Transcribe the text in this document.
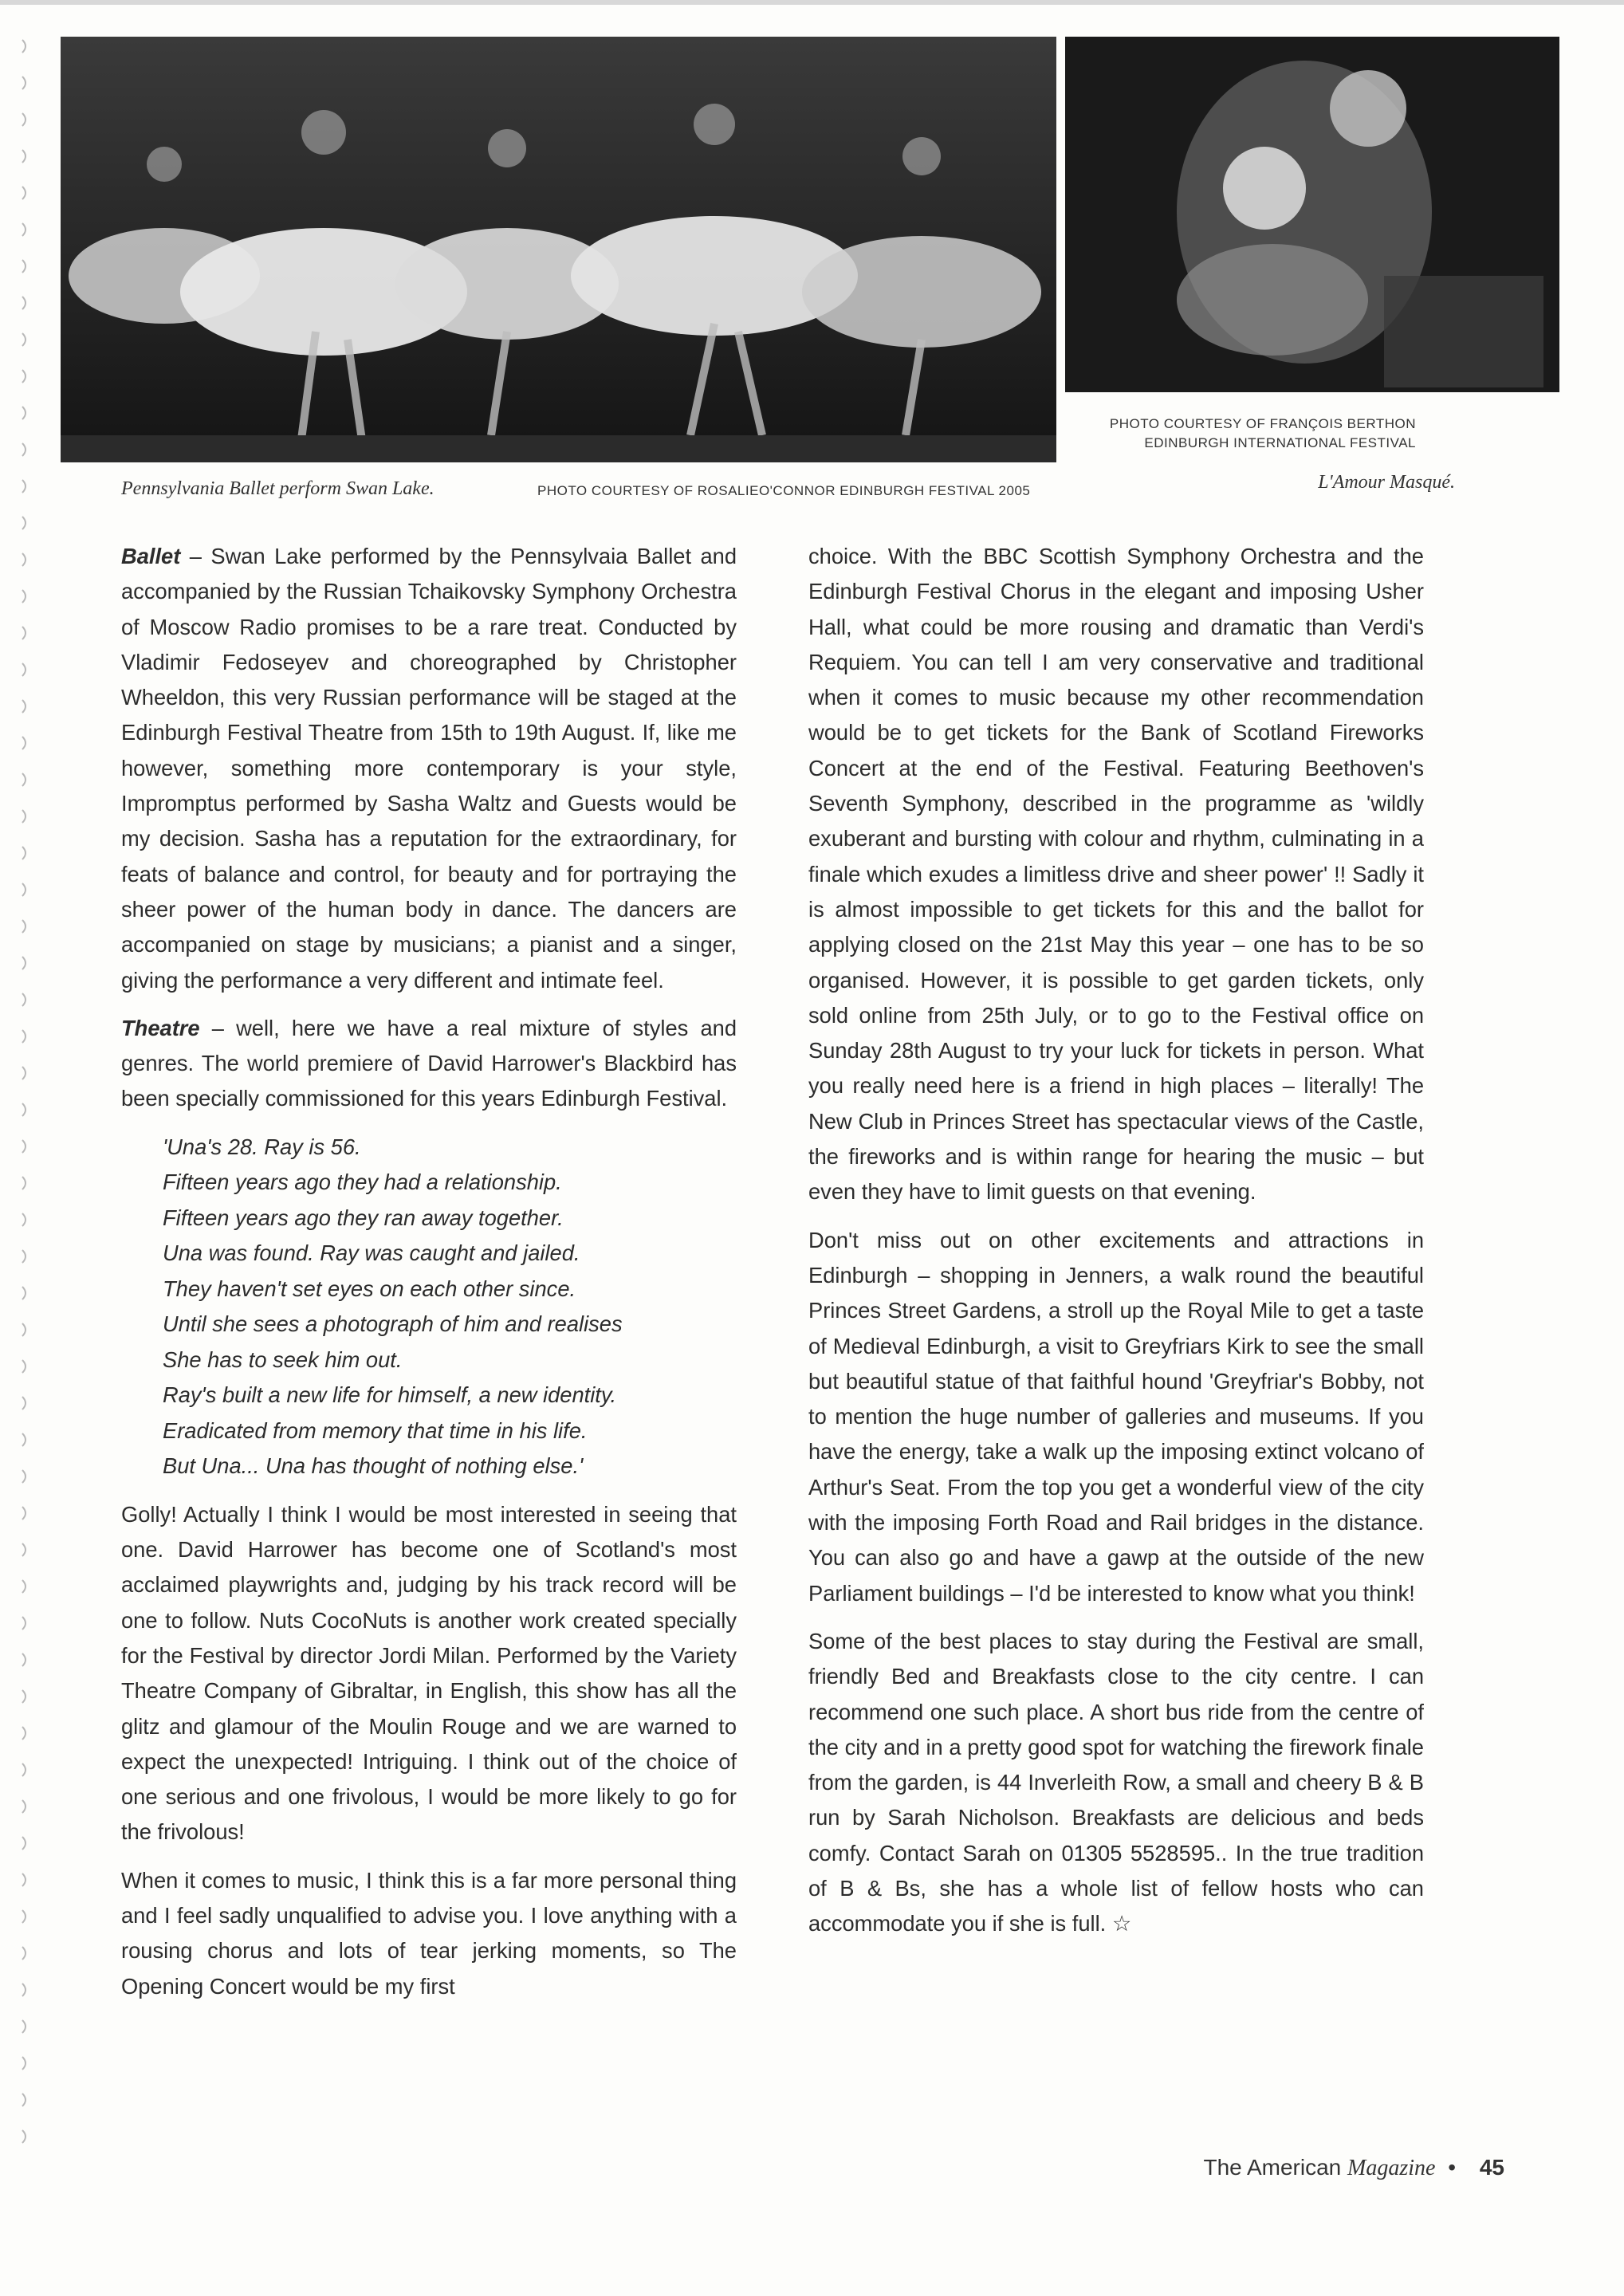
PHOTO COURTESY OF FRANÇOIS BERTHON
EDINBURGH INTERNATIONAL FESTIVAL
Pennsylvania Ballet perform Swan Lake.	PHOTO COURTESY OF ROSALIEO'CONNOR EDINBURGH FESTIVAL 2005	L'Amour Masqué.

Ballet – Swan Lake performed by the Pennsylvaia Ballet and accompanied by the Russian Tchaikovsky Symphony Orchestra of Moscow Radio promises to be a rare treat. Conducted by Vladimir Fedoseyev and choreographed by Christopher Wheeldon, this very Russian performance will be staged at the Edinburgh Festival Theatre from 15th to 19th August. If, like me however, something more contemporary is your style, Impromptus performed by Sasha Waltz and Guests would be my decision. Sasha has a reputation for the extraordinary, for feats of balance and control, for beauty and for portraying the sheer power of the human body in dance. The dancers are accompanied on stage by musicians; a pianist and a singer, giving the performance a very different and intimate feel.

Theatre – well, here we have a real mixture of styles and genres. The world premiere of David Harrower's Blackbird has been specially commissioned for this years Edinburgh Festival.

'Una's 28. Ray is 56.
Fifteen years ago they had a relationship.
Fifteen years ago they ran away together.
Una was found. Ray was caught and jailed.
They haven't set eyes on each other since.
Until she sees a photograph of him and realises
She has to seek him out.
Ray's built a new life for himself, a new identity.
Eradicated from memory that time in his life.
But Una... Una has thought of nothing else.'

Golly! Actually I think I would be most interested in seeing that one. David Harrower has become one of Scotland's most acclaimed playwrights and, judging by his track record will be one to follow. Nuts CocoNuts is another work created specially for the Festival by director Jordi Milan. Performed by the Variety Theatre Company of Gibraltar, in English, this show has all the glitz and glamour of the Moulin Rouge and we are warned to expect the unexpected! Intriguing. I think out of the choice of one serious and one frivolous, I would be more likely to go for the frivolous!

When it comes to music, I think this is a far more personal thing and I feel sadly unqualified to advise you. I love anything with a rousing chorus and lots of tear jerking moments, so The Opening Concert would be my first

choice. With the BBC Scottish Symphony Orchestra and the Edinburgh Festival Chorus in the elegant and imposing Usher Hall, what could be more rousing and dramatic than Verdi's Requiem. You can tell I am very conservative and traditional when it comes to music because my other recommendation would be to get tickets for the Bank of Scotland Fireworks Concert at the end of the Festival. Featuring Beethoven's Seventh Symphony, described in the programme as 'wildly exuberant and bursting with colour and rhythm, culminating in a finale which exudes a limitless drive and sheer power' !! Sadly it is almost impossible to get tickets for this and the ballot for applying closed on the 21st May this year – one has to be so organised. However, it is possible to get garden tickets, only sold online from 25th July, or to go to the Festival office on Sunday 28th August to try your luck for tickets in person. What you really need here is a friend in high places – literally! The New Club in Princes Street has spectacular views of the Castle, the fireworks and is within range for hearing the music – but even they have to limit guests on that evening.

Don't miss out on other excitements and attractions in Edinburgh – shopping in Jenners, a walk round the beautiful Princes Street Gardens, a stroll up the Royal Mile to get a taste of Medieval Edinburgh, a visit to Greyfriars Kirk to see the small but beautiful statue of that faithful hound 'Greyfriar's Bobby, not to mention the huge number of galleries and museums. If you have the energy, take a walk up the imposing extinct volcano of Arthur's Seat. From the top you get a wonderful view of the city with the imposing Forth Road and Rail bridges in the distance. You can also go and have a gawp at the outside of the new Parliament buildings – I'd be interested to know what you think!

Some of the best places to stay during the Festival are small, friendly Bed and Breakfasts close to the city centre. I can recommend one such place. A short bus ride from the centre of the city and in a pretty good spot for watching the firework finale from the garden, is 44 Inverleith Row, a small and cheery B & B run by Sarah Nicholson. Breakfasts are delicious and beds comfy. Contact Sarah on 01305 5528595.. In the true tradition of B & Bs, she has a whole list of fellow hosts who can accommodate you if she is full. ☆

The American Magazine • 45
